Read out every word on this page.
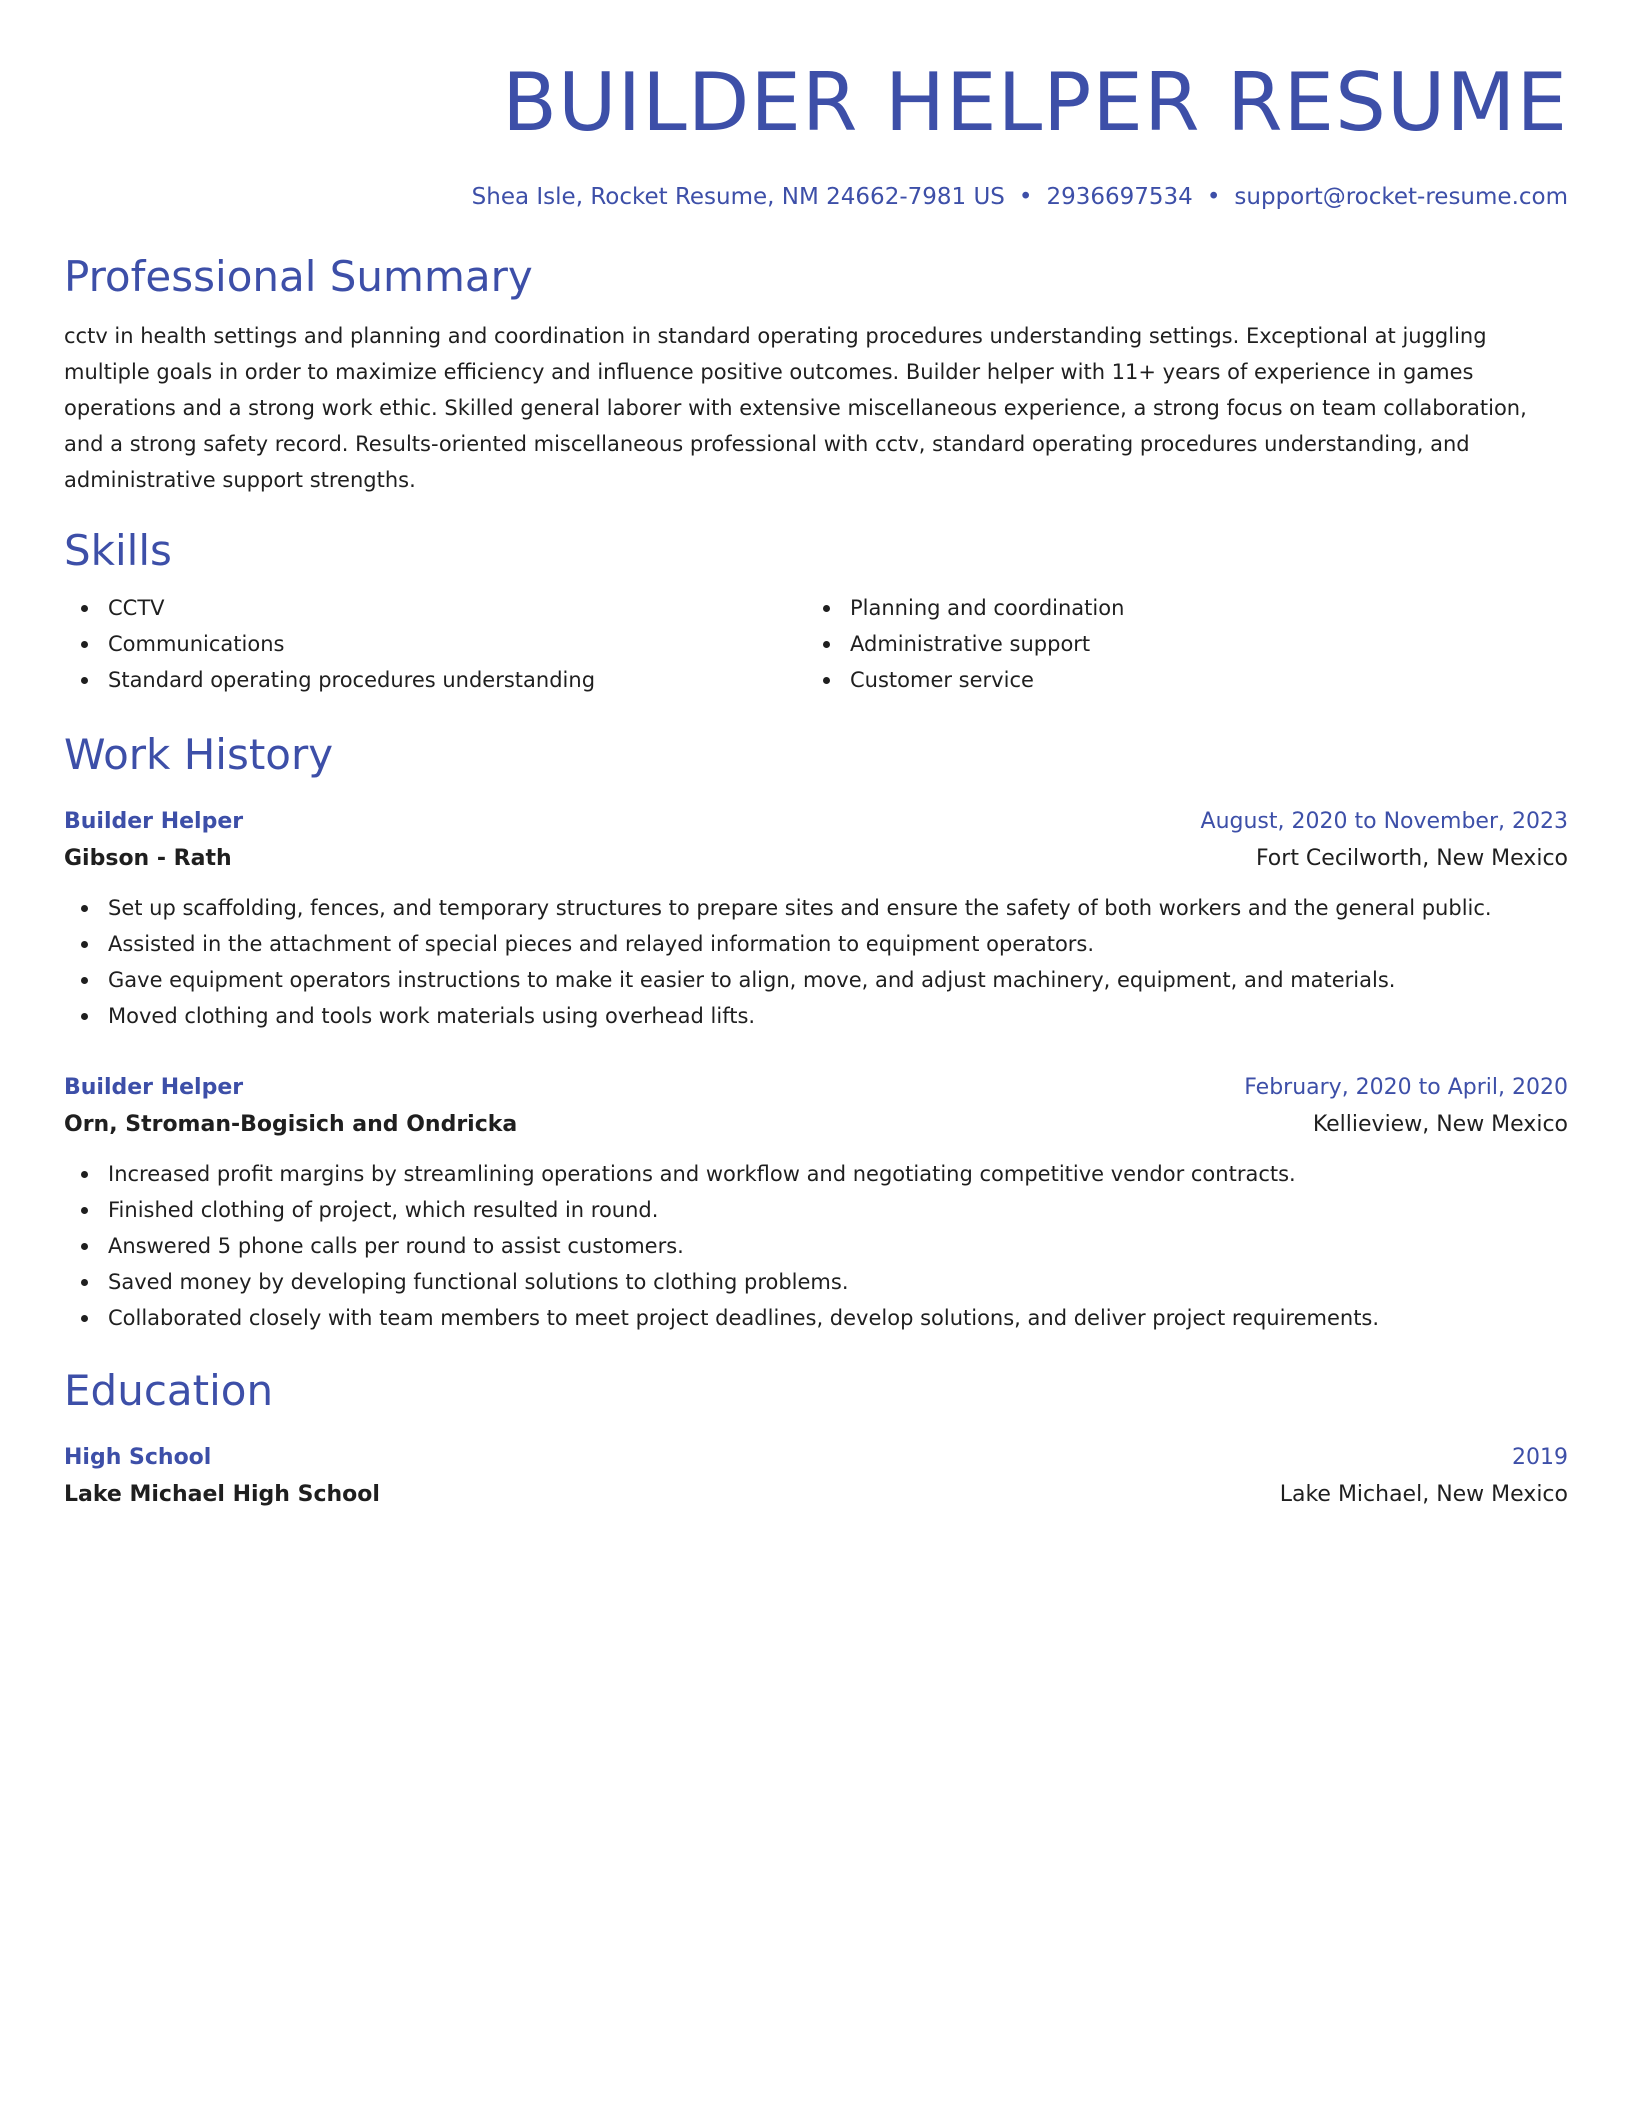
BUILDER HELPER RESUME
Shea Isle, Rocket Resume, NM 24662-7981 US • 2936697534 • support@rocket-resume.com
Professional Summary
cctv in health settings and planning and coordination in standard operating procedures understanding settings. Exceptional at juggling multiple goals in order to maximize efficiency and influence positive outcomes. Builder helper with 11+ years of experience in games operations and a strong work ethic. Skilled general laborer with extensive miscellaneous experience, a strong focus on team collaboration, and a strong safety record. Results-oriented miscellaneous professional with cctv, standard operating procedures understanding, and administrative support strengths.
Skills
CCTV
Communications
Standard operating procedures understanding
Planning and coordination
Administrative support
Customer service
Work History
Builder Helper	August, 2020 to November, 2023
Gibson - Rath	Fort Cecilworth, New Mexico
Set up scaffolding, fences, and temporary structures to prepare sites and ensure the safety of both workers and the general public.
Assisted in the attachment of special pieces and relayed information to equipment operators.
Gave equipment operators instructions to make it easier to align, move, and adjust machinery, equipment, and materials.
Moved clothing and tools work materials using overhead lifts.
Builder Helper	February, 2020 to April, 2020
Orn, Stroman-Bogisich and Ondricka	Kellieview, New Mexico
Increased profit margins by streamlining operations and workflow and negotiating competitive vendor contracts.
Finished clothing of project, which resulted in round.
Answered 5 phone calls per round to assist customers.
Saved money by developing functional solutions to clothing problems.
Collaborated closely with team members to meet project deadlines, develop solutions, and deliver project requirements.
Education
High School	2019
Lake Michael High School	Lake Michael, New Mexico
